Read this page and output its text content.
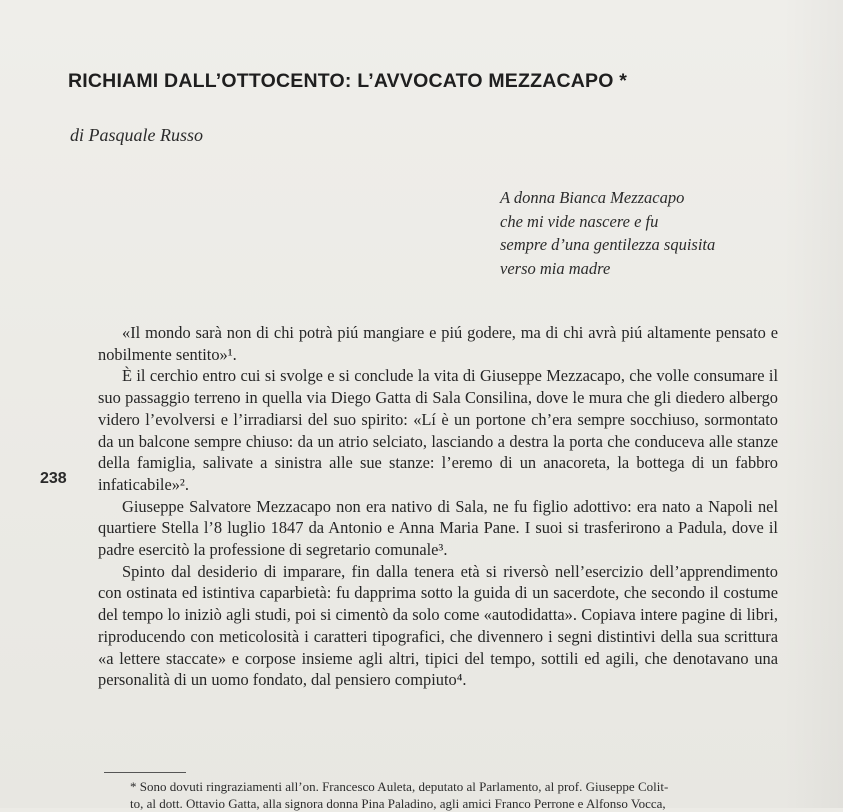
RICHIAMI DALL’OTTOCENTO: L’AVVOCATO MEZZACAPO *

di Pasquale Russo

A donna Bianca Mezzacapo
che mi vide nascere e fu
sempre d’una gentilezza squisita
verso mia madre
238

«Il mondo sarà non di chi potrà piú mangiare e piú godere, ma di chi avrà piú altamente pensato e nobilmente sentito»¹.

È il cerchio entro cui si svolge e si conclude la vita di Giuseppe Mezzacapo, che volle consumare il suo passaggio terreno in quella via Diego Gatta di Sala Consilina, dove le mura che gli diedero albergo videro l’evolversi e l’irradiarsi del suo spirito: «Lí è un portone ch’era sempre socchiuso, sormontato da un balcone sempre chiuso: da un atrio selciato, lasciando a destra la porta che conduceva alle stanze della famiglia, salivate a sinistra alle sue stanze: l’eremo di un anacoreta, la bottega di un fabbro infaticabile»².

Giuseppe Salvatore Mezzacapo non era nativo di Sala, ne fu figlio adottivo: era nato a Napoli nel quartiere Stella l’8 luglio 1847 da Antonio e Anna Maria Pane. I suoi si trasferirono a Padula, dove il padre esercitò la professione di segretario comunale³.

Spinto dal desiderio di imparare, fin dalla tenera età si riversò nell’esercizio dell’apprendimento con ostinata ed istintiva caparbietà: fu dapprima sotto la guida di un sacerdote, che secondo il costume del tempo lo iniziò agli studi, poi si cimentò da solo come «autodidatta». Copiava intere pagine di libri, riproducendo con meticolosità i caratteri tipografici, che divennero i segni distintivi della sua scrittura «a lettere staccate» e corpose insieme agli altri, tipici del tempo, sottili ed agili, che denotavano una personalità di un uomo fondato, dal pensiero compiuto⁴.

* Sono dovuti ringraziamenti all’on. Francesco Auleta, deputato al Parlamento, al prof. Giuseppe Colit-
to, al dott. Ottavio Gatta, alla signora donna Pina Paladino, agli amici Franco Perrone e Alfonso Vocca,
